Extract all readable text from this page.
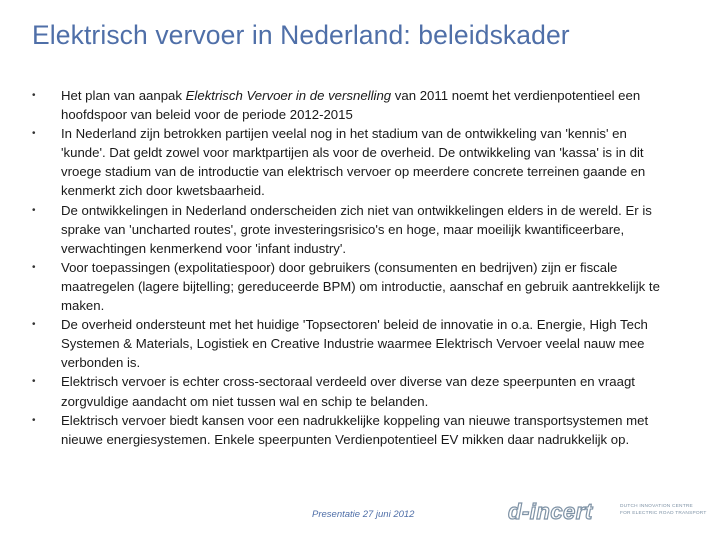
Elektrisch vervoer in Nederland: beleidskader
• Het plan van aanpak Elektrisch Vervoer in de versnelling van 2011 noemt het verdienpotentieel een hoofdspoor van beleid voor de periode 2012-2015
• In Nederland zijn betrokken partijen veelal nog in het stadium van de ontwikkeling van 'kennis' en 'kunde'. Dat geldt zowel voor marktpartijen als voor de overheid. De ontwikkeling van 'kassa' is in dit vroege stadium van de introductie van elektrisch vervoer op meerdere concrete terreinen gaande en kenmerkt zich door kwetsbaarheid.
• De ontwikkelingen in Nederland onderscheiden zich niet van ontwikkelingen elders in de wereld. Er is sprake van 'uncharted routes', grote investeringsrisico's en hoge, maar moeilijk kwantificeerbare, verwachtingen kenmerkend voor 'infant industry'.
• Voor toepassingen (expolitatiespoor) door gebruikers (consumenten en bedrijven) zijn er fiscale maatregelen (lagere bijtelling; gereduceerde BPM) om introductie, aanschaf en gebruik aantrekkelijk te maken.
• De overheid ondersteunt met het huidige 'Topsectoren' beleid de innovatie in o.a. Energie, High Tech Systemen & Materials, Logistiek en Creative Industrie waarmee Elektrisch Vervoer veelal nauw mee verbonden is.
• Elektrisch vervoer is echter cross-sectoraal verdeeld over diverse van deze speerpunten en vraagt zorgvuldige aandacht om niet tussen wal en schip te belanden.
• Elektrisch vervoer biedt kansen voor een nadrukkelijke koppeling van nieuwe transportsystemen met nieuwe energiesystemen. Enkele speerpunten Verdienpotentieel EV mikken daar nadrukkelijk op.
Presentatie 27 juni 2012	d-incert	DUTCH INNOVATION CENTRE
FOR ELECTRIC ROAD TRANSPORT
